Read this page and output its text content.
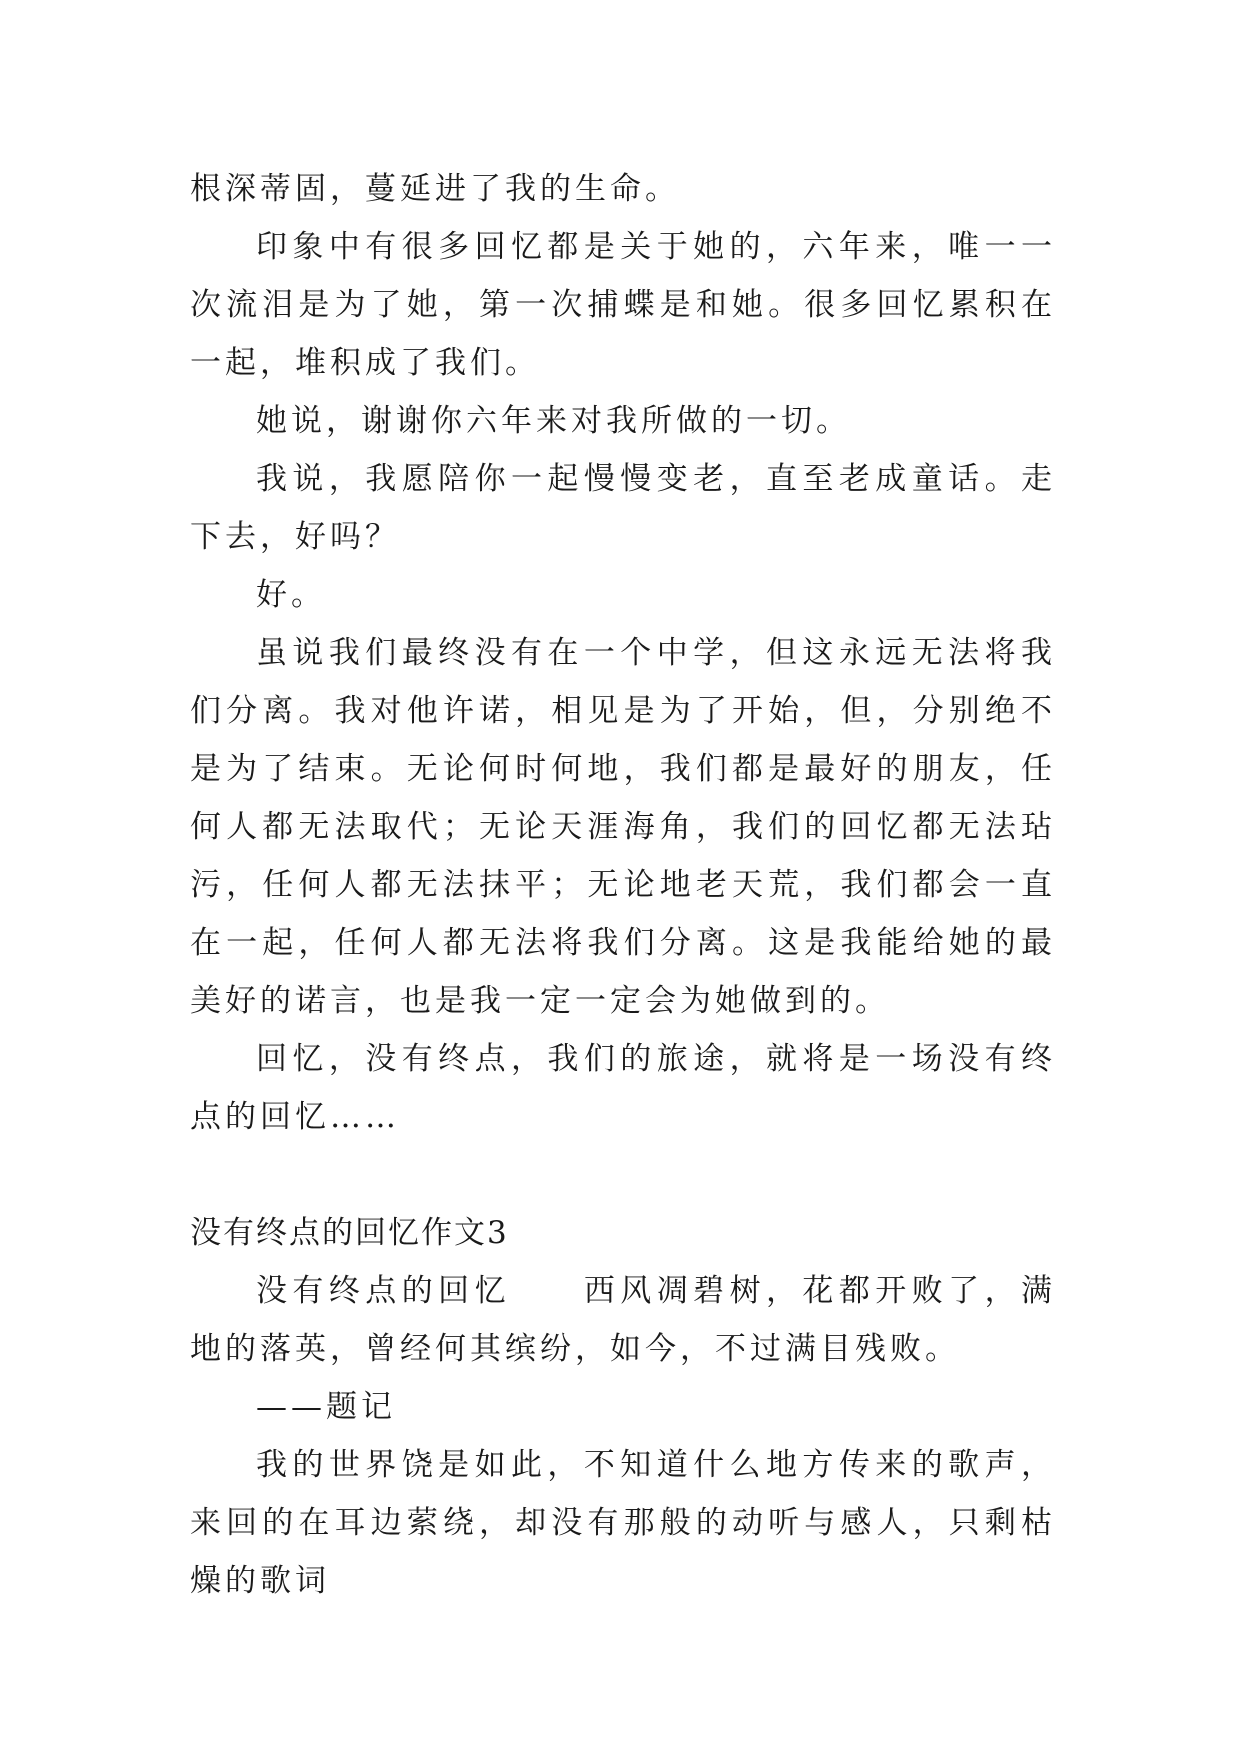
根深蒂固，蔓延进了我的生命。

印象中有很多回忆都是关于她的，六年来，唯一一次流泪是为了她，第一次捕蝶是和她。很多回忆累积在一起，堆积成了我们。

她说，谢谢你六年来对我所做的一切。

我说，我愿陪你一起慢慢变老，直至老成童话。走下去，好吗？

好。

虽说我们最终没有在一个中学，但这永远无法将我们分离。我对他许诺，相见是为了开始，但，分别绝不是为了结束。无论何时何地，我们都是最好的朋友，任何人都无法取代；无论天涯海角，我们的回忆都无法玷污，任何人都无法抹平；无论地老天荒，我们都会一直在一起，任何人都无法将我们分离。这是我能给她的最美好的诺言，也是我一定一定会为她做到的。

回忆，没有终点，我们的旅途，就将是一场没有终点的回忆……

没有终点的回忆作文3

没有终点的回忆　　西风凋碧树，花都开败了，满地的落英，曾经何其缤纷，如今，不过满目残败。

——题记

我的世界饶是如此，不知道什么地方传来的歌声，来回的在耳边萦绕，却没有那般的动听与感人，只剩枯燥的歌词
